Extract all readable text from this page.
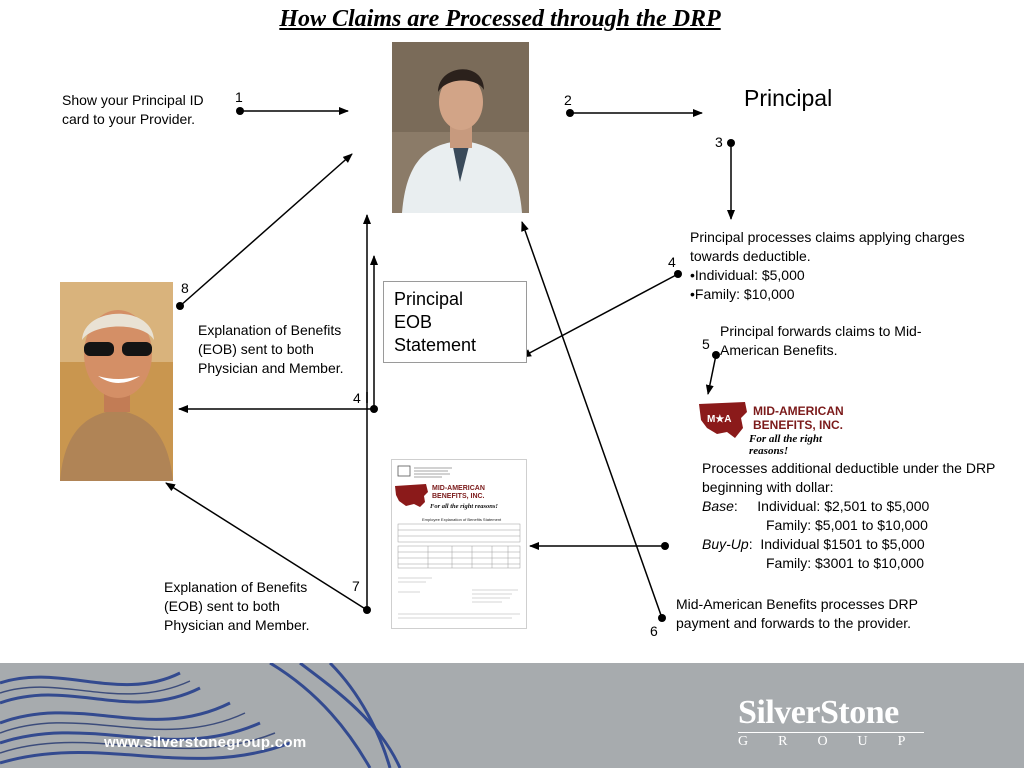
How Claims are Processed through the DRP
1
Show your Principal ID card to your Provider.
2	Principal
3
4
Principal processes claims applying charges towards deductible.
•Individual: $5,000
•Family: $10,000
5
Principal forwards claims to Mid-American Benefits.
Principal
EOB
Statement
8
Explanation of Benefits (EOB) sent to both Physician and Member.
4
M★A
MID-AMERICAN
BENEFITS, INC.
For all the right reasons!
Processes additional deductible under the DRP beginning with dollar:
Base:     Individual: $2,501 to $5,000
Family: $5,001 to $10,000
Buy-Up:  Individual $1501 to $5,000
Family: $3001 to $10,000
MID-AMERICAN
BENEFITS, INC.
For all the right reasons!
Employee Explanation of Benefits Statement
7
Explanation of Benefits (EOB) sent to both Physician and Member.	6
Mid-American Benefits processes DRP payment and forwards to the provider.
www.silverstonegroup.com
SilverStone
GROUP
